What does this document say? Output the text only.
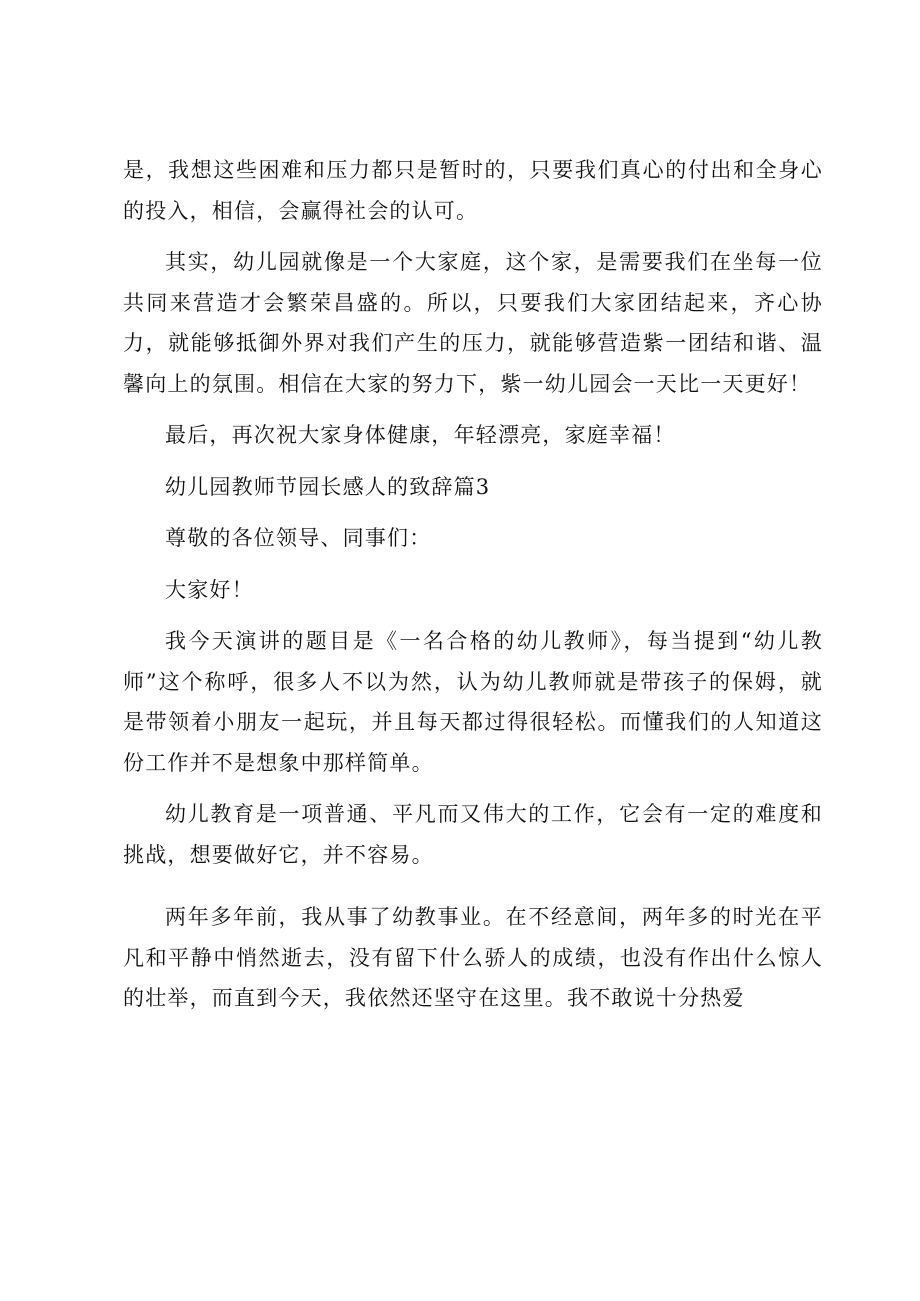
是，我想这些困难和压力都只是暂时的，只要我们真心的付出和全身心的投入，相信，会赢得社会的认可。

其实，幼儿园就像是一个大家庭，这个家，是需要我们在坐每一位共同来营造才会繁荣昌盛的。所以，只要我们大家团结起来，齐心协力，就能够抵御外界对我们产生的压力，就能够营造紫一团结和谐、温馨向上的氛围。相信在大家的努力下，紫一幼儿园会一天比一天更好！

最后，再次祝大家身体健康，年轻漂亮，家庭幸福！

幼儿园教师节园长感人的致辞篇3

尊敬的各位领导、同事们：

大家好！

我今天演讲的题目是《一名合格的幼儿教师》，每当提到“幼儿教师”这个称呼，很多人不以为然，认为幼儿教师就是带孩子的保姆，就是带领着小朋友一起玩，并且每天都过得很轻松。而懂我们的人知道这份工作并不是想象中那样简单。

幼儿教育是一项普通、平凡而又伟大的工作，它会有一定的难度和挑战，想要做好它，并不容易。

两年多年前，我从事了幼教事业。在不经意间，两年多的时光在平凡和平静中悄然逝去，没有留下什么骄人的成绩，也没有作出什么惊人的壮举，而直到今天，我依然还坚守在这里。我不敢说十分热爱
